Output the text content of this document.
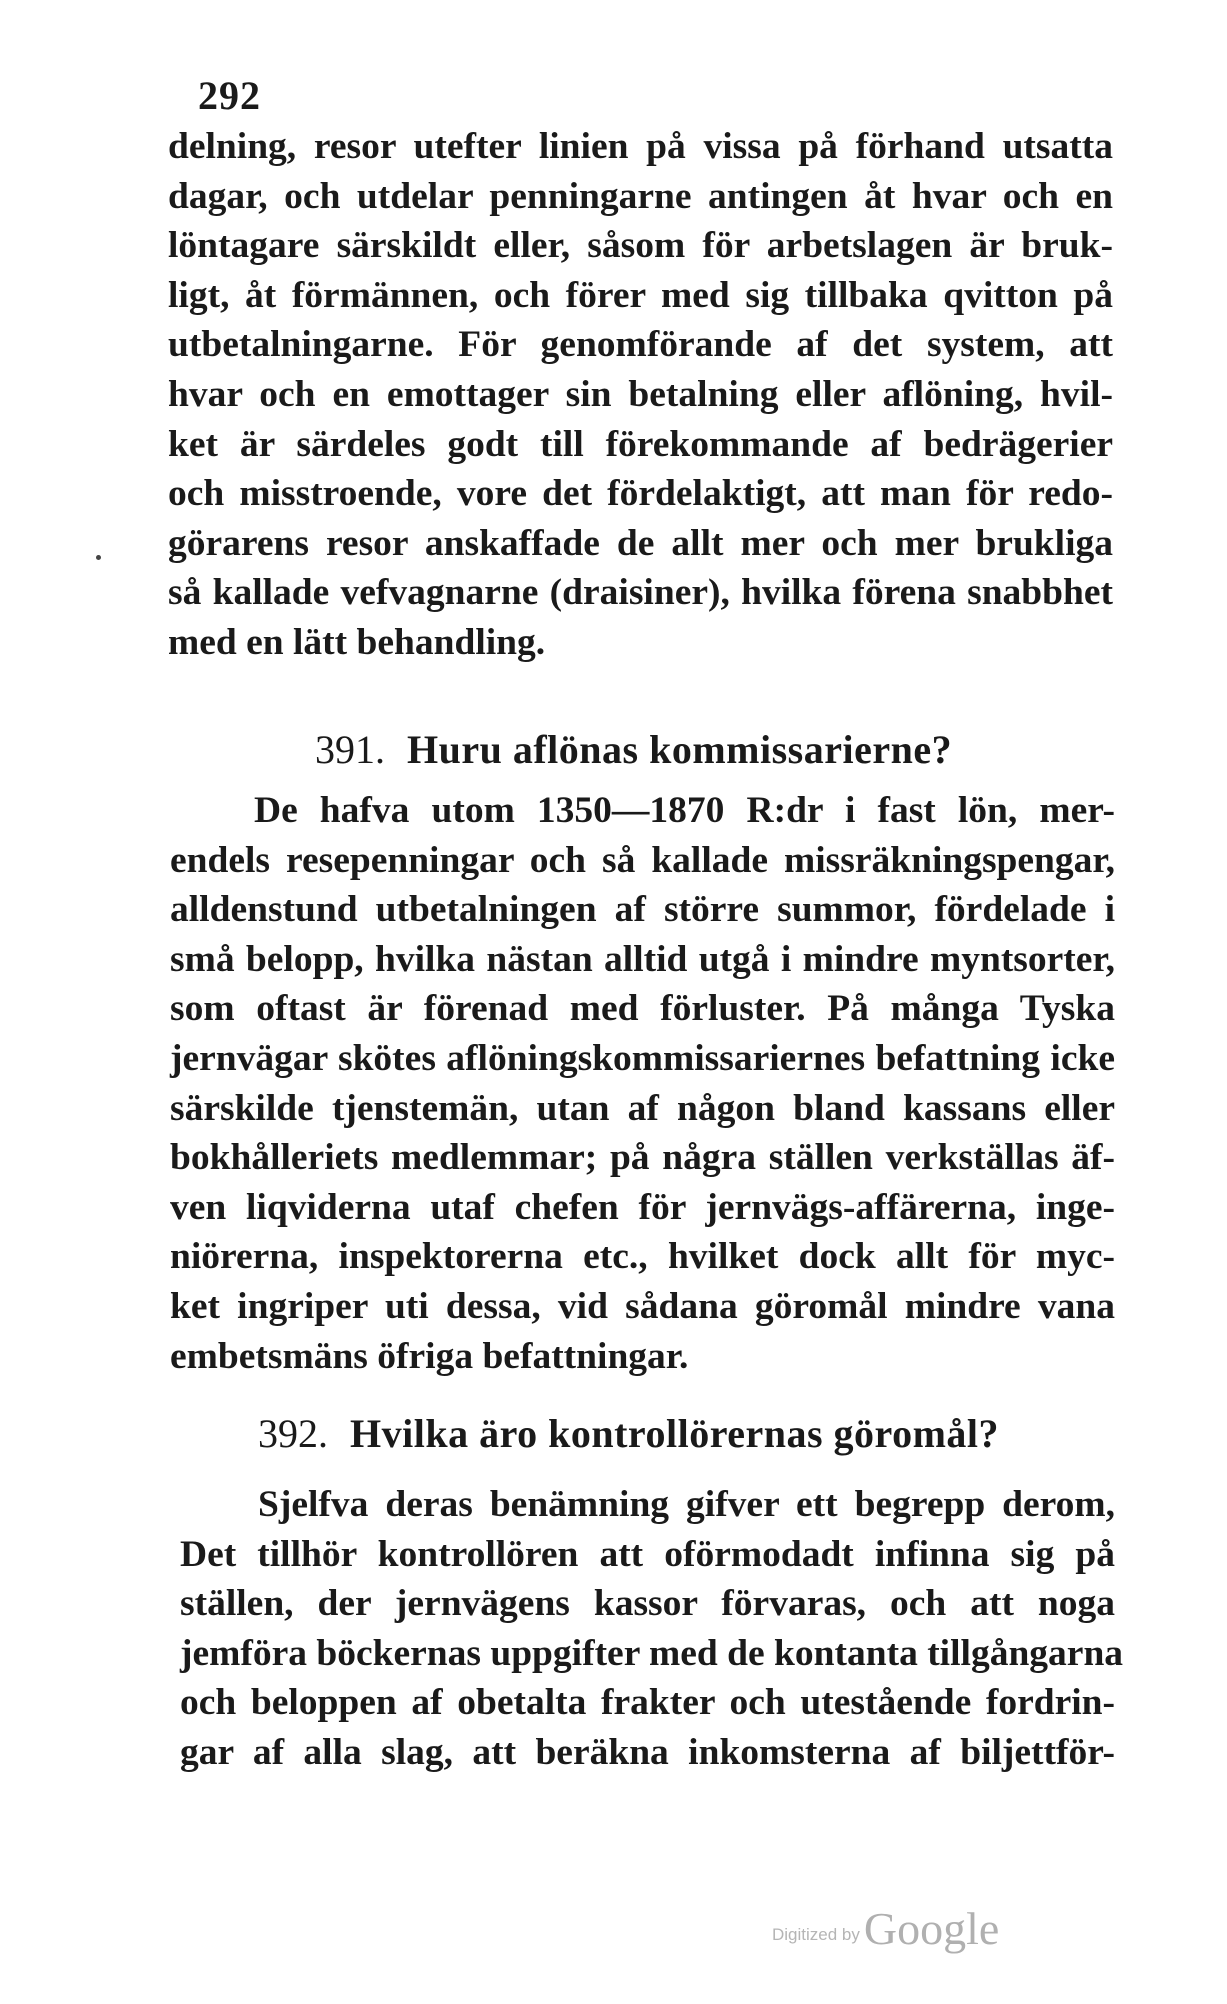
292
delning, resor utefter linien på vissa på förhand utsatta
dagar, och utdelar penningarne antingen åt hvar och en
löntagare särskildt eller, såsom för arbetslagen är bruk-
ligt, åt förmännen, och förer med sig tillbaka qvitton på
utbetalningarne. För genomförande af det system, att
hvar och en emottager sin betalning eller aflöning, hvil-
ket är särdeles godt till förekommande af bedrägerier
och misstroende, vore det fördelaktigt, att man för redo-
görarens resor anskaffade de allt mer och mer brukliga
så kallade vefvagnarne (draisiner), hvilka förena snabbhet
med en lätt behandling.
391. Huru aflönas kommissarierne?
De hafva utom 1350—1870 R:dr i fast lön, mer-
endels resepenningar och så kallade missräkningspengar,
alldenstund utbetalningen af större summor, fördelade i
små belopp, hvilka nästan alltid utgå i mindre myntsorter,
som oftast är förenad med förluster. På många Tyska
jernvägar skötes aflöningskommissariernes befattning icke
särskilde tjenstemän, utan af någon bland kassans eller
bokhålleriets medlemmar; på några ställen verkställas äf-
ven liqviderna utaf chefen för jernvägs-affärerna, inge-
niörerna, inspektorerna etc., hvilket dock allt för myc-
ket ingriper uti dessa, vid sådana göromål mindre vana
embetsmäns öfriga befattningar.
392. Hvilka äro kontrollörernas göromål?
Sjelfva deras benämning gifver ett begrepp derom,
Det tillhör kontrollören att oförmodadt infinna sig på
ställen, der jernvägens kassor förvaras, och att noga
jemföra böckernas uppgifter med de kontanta tillgångarna
och beloppen af obetalta frakter och utestående fordrin-
gar af alla slag, att beräkna inkomsterna af biljettför-
Digitized byGoogle
